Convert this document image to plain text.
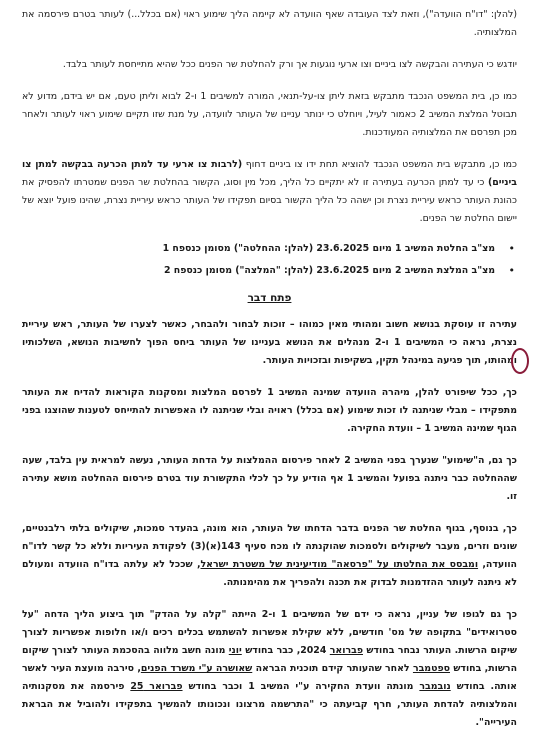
(להלן: "דו"ח הוועדה"), וזאת לצד העובדה שאף הוועדה לא קיימה הליך שימוע ראוי (אם בכלל...) לעותר בטרם פירסמה את המלצותיה.

יודגש כי העתירה והבקשה לצו ביניים וצו ארעי נוגעות אך ורק להחלטת שר הפנים ככל שהיא מתייחסת לעותר בלבד.

כמו כן, בית המשפט הנכבד מתבקש בזאת ליתן צו-על-תנאי, המורה למשיבים 1 ו-2 לבוא וליתן טעם, אם יש בידם, מדוע לא תבוטל המלצת המשיב 2 כאמור לעיל, ויוחלט כי ינותר עניינו של העותר לוועדה, על מנת שזו תקיים שימוע ראוי לעותר ולאחר מכן תפרסם את המלצותיה המעודכנות.

כמו כן, מתבקש בית המשפט הנכבד להוציא תחת ידו צו ביניים דחוף (לרבות צו ארעי עד למתן הכרעה בבקשה למתן צו ביניים) כי עד למתן הכרעה בעתירה זו לא יתקיים כל הליך, מכל מין וסוג, הקשור בהחלטת שר הפנים שמטרתו להפסיק את כהונת העותר כראש עיריית נצרת וכן ישהה כל הליך הקשור בסיום תפקידו של העותר כראש עיריית נצרת, שהינו פועל יוצא של יישום החלטת שר הפנים.

•
מצ"ב החלטת המשיב 1 מיום 23.6.2025 (להלן: ההחלטה") מסומן כנספח 1
•
מצ"ב המלצת המשיב 2 מיום 23.6.2025 (להלן: "המלצה") מסומן כנספח 2
פתח דבר

עתירה זו עוסקת בנושא חשוב ומהותי מאין כמוהו – זוכות לבחור ולהבחר, כאשר לצערו של העותר, ראש עיריית נצרת, נראה כי המשיבים 1 ו-2 מנהלים את הנושא בעניינו של העותר ביחס הפוך לחשיבות הנושא, השלכותיו ומהותו, תוך פגיעה במינהל תקין, בשקיפות ובזכויות העותר.

כך, ככל שיפורט להלן, מיהרה הוועדה שמינה המשיב 1 לפרסם המלצות ומסקנות הקוראות להדיח את העותר מתפקידו – מבלי שניתנה לו זכות שימוע (אם בכלל) ראויה ובלי שניתנה לו האפשרות להתייחס לטענות שהוצגו בפני הגוף שמינה המשיב 1 – וועדת החקירה.

כך גם, ה"שימוע" שנערך בפני המשיב 2 לאחר פירסום ההמלצות על הדחת העותר, נעשה למראית עין בלבד, שעה שההחלטה כבר ניתנה בפועל והמשיב 1 אף הודיע על כך לכלי התקשורת עוד בטרם פירסום ההחלטה מושא עתירה זו.

כך, בנוסף, בגוף החלטת שר הפנים בדבר הדחתו של העותר, הוא מונה, בהעדר סמכות, שיקולים בלתי רלבנטיים, שונים וזרים, מעבר לשיקולים ולסמכות שהוקנתה לו מכח סעיף 143(א)(3) לפקודת העיריות וללא כל קשר לדו"ח הוועדה, ומבסס את החלטתו על "פרסאה" מודיעינית של משטרת ישראל, שככל לא עלתה בדו"ח הוועדה ומעולם לא ניתנה לעותר ההזדמנות לבדוק את תכנה ולהפריך את מהימנותה.

כך גם לגופו של עניין, נראה כי ידם של המשיבים 1 ו-2 הייתה "קלה על ההדק" תוך ביצוע הליך הדחה "על סטרואידים" בתקופה של מס' חודשים, ללא שקילת אפשרות להשתמש בכלים רכים ו/או חלופות אפשריות לצורך שיקום הרשות. העותר נבחר בחודש פברואר 2024, כבר בחודש יוני מונה חשב מלווה בהסכמת העותר לצורך שיקום הרשות, בחודש ספטמבר לאחר שהעותר קידם תוכנית הבראה שאושרה ע"י משרד הפנים, סירבה מועצת העיר לאשר אותה. בחודש נובמבר מונתה וועדת החקירה ע"י המשיב 1 וכבר בחודש פברואר 25 פירסמה את מסקנותיה והמלצותיה להדחת העותר, חרף קביעתה כי "התרשמה מרצונו ונכונותו להמשיך בתפקידו ולהוביל את הבראת העירייה".
